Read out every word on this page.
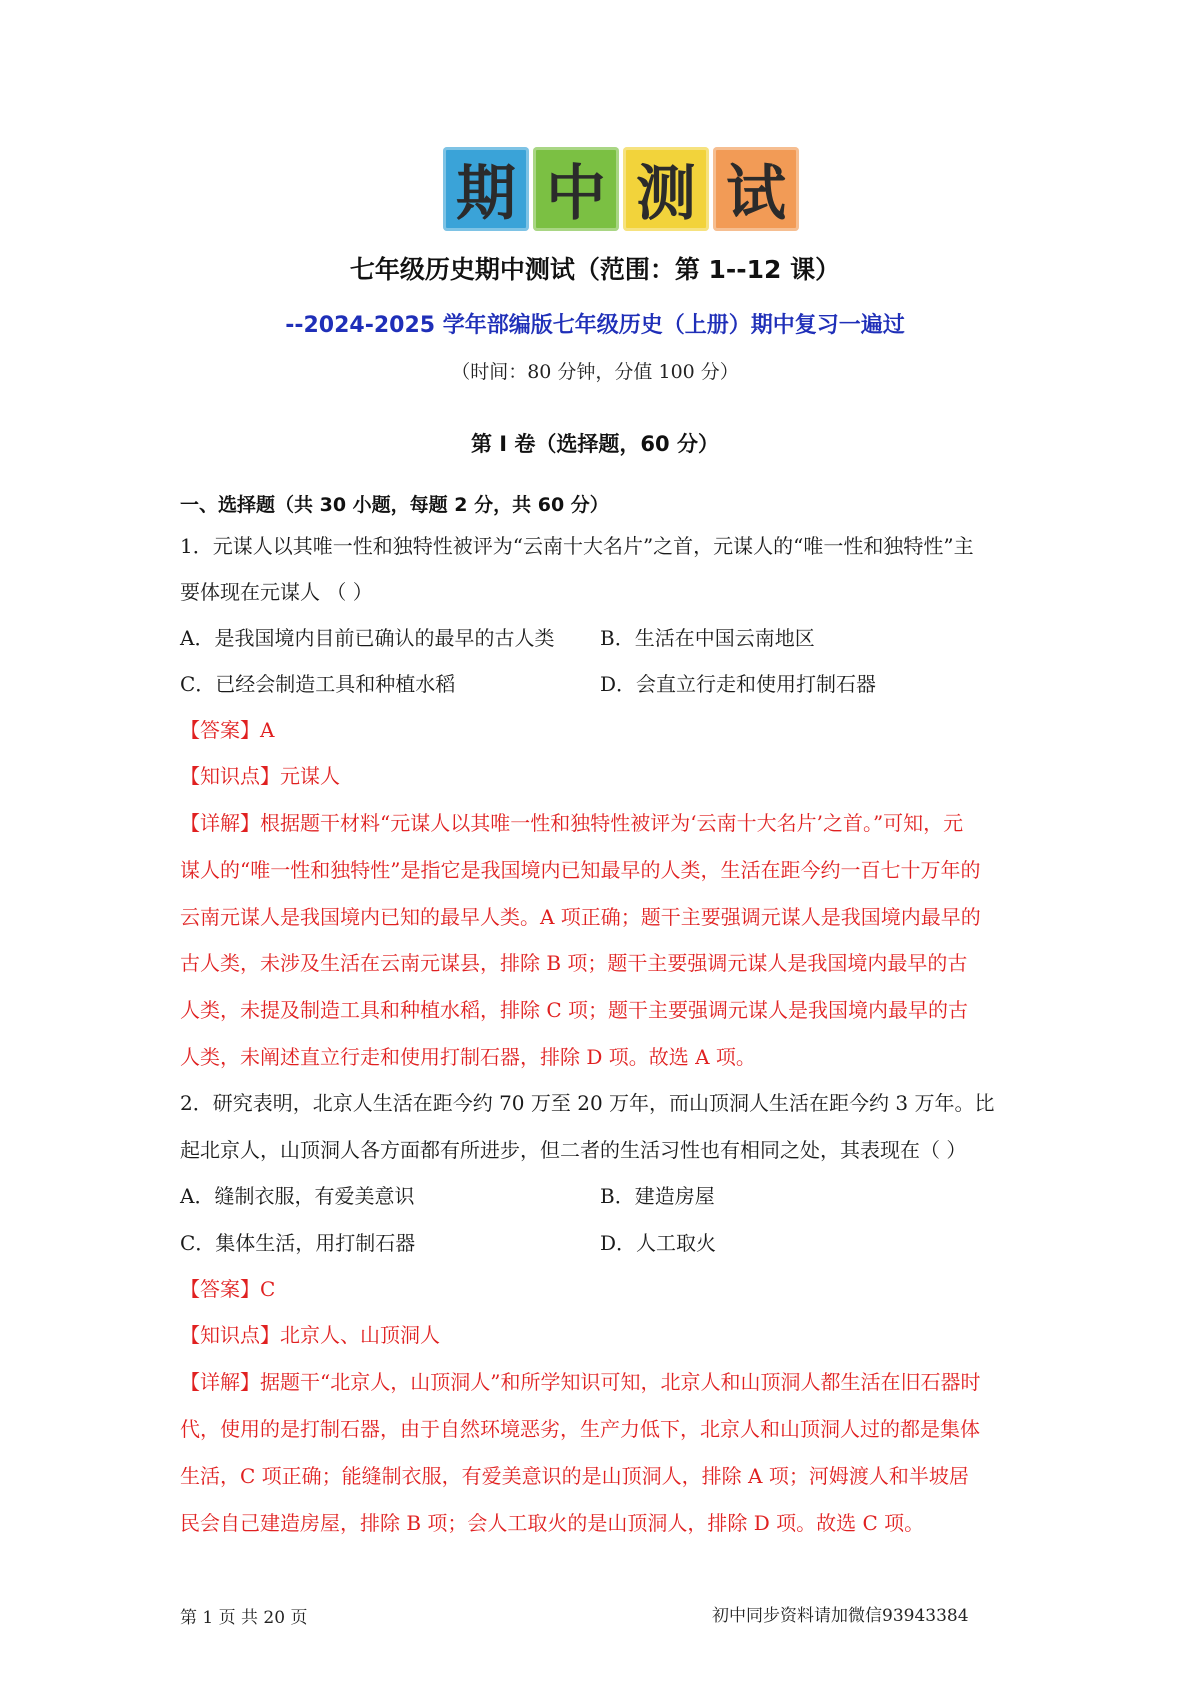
期 中 测 试
七年级历史期中测试（范围：第 1--12 课）
--2024-2025 学年部编版七年级历史（上册）期中复习一遍过
（时间：80 分钟，分值 100 分）
第 I 卷（选择题，60 分）
一、选择题（共 30 小题，每题 2 分，共 60 分）
1．元谋人以其唯一性和独特性被评为“云南十大名片”之首，元谋人的“唯一性和独特性”主
要体现在元谋人 （ ）
A．是我国境内目前已确认的最早的古人类 B．生活在中国云南地区
C．已经会制造工具和种植水稻	D．会直立行走和使用打制石器
【答案】A
【知识点】元谋人
【详解】根据题干材料“元谋人以其唯一性和独特性被评为‘云南十大名片’之首。”可知，元
谋人的“唯一性和独特性”是指它是我国境内已知最早的人类，生活在距今约一百七十万年的
云南元谋人是我国境内已知的最早人类。A 项正确；题干主要强调元谋人是我国境内最早的
古人类，未涉及生活在云南元谋县，排除 B 项；题干主要强调元谋人是我国境内最早的古
人类，未提及制造工具和种植水稻，排除 C 项；题干主要强调元谋人是我国境内最早的古
人类，未阐述直立行走和使用打制石器，排除 D 项。故选 A 项。
2．研究表明，北京人生活在距今约 70 万至 20 万年，而山顶洞人生活在距今约 3 万年。比
起北京人，山顶洞人各方面都有所进步，但二者的生活习性也有相同之处，其表现在（ ）
A．缝制衣服，有爱美意识	B．建造房屋
C．集体生活，用打制石器	D．人工取火
【答案】C
【知识点】北京人、山顶洞人
【详解】据题干“北京人，山顶洞人”和所学知识可知，北京人和山顶洞人都生活在旧石器时
代，使用的是打制石器，由于自然环境恶劣，生产力低下，北京人和山顶洞人过的都是集体
生活，C 项正确；能缝制衣服，有爱美意识的是山顶洞人，排除 A 项；河姆渡人和半坡居
民会自己建造房屋，排除 B 项；会人工取火的是山顶洞人，排除 D 项。故选 C 项。
第 1 页 共 20 页	初中同步资料请加微信93943384
